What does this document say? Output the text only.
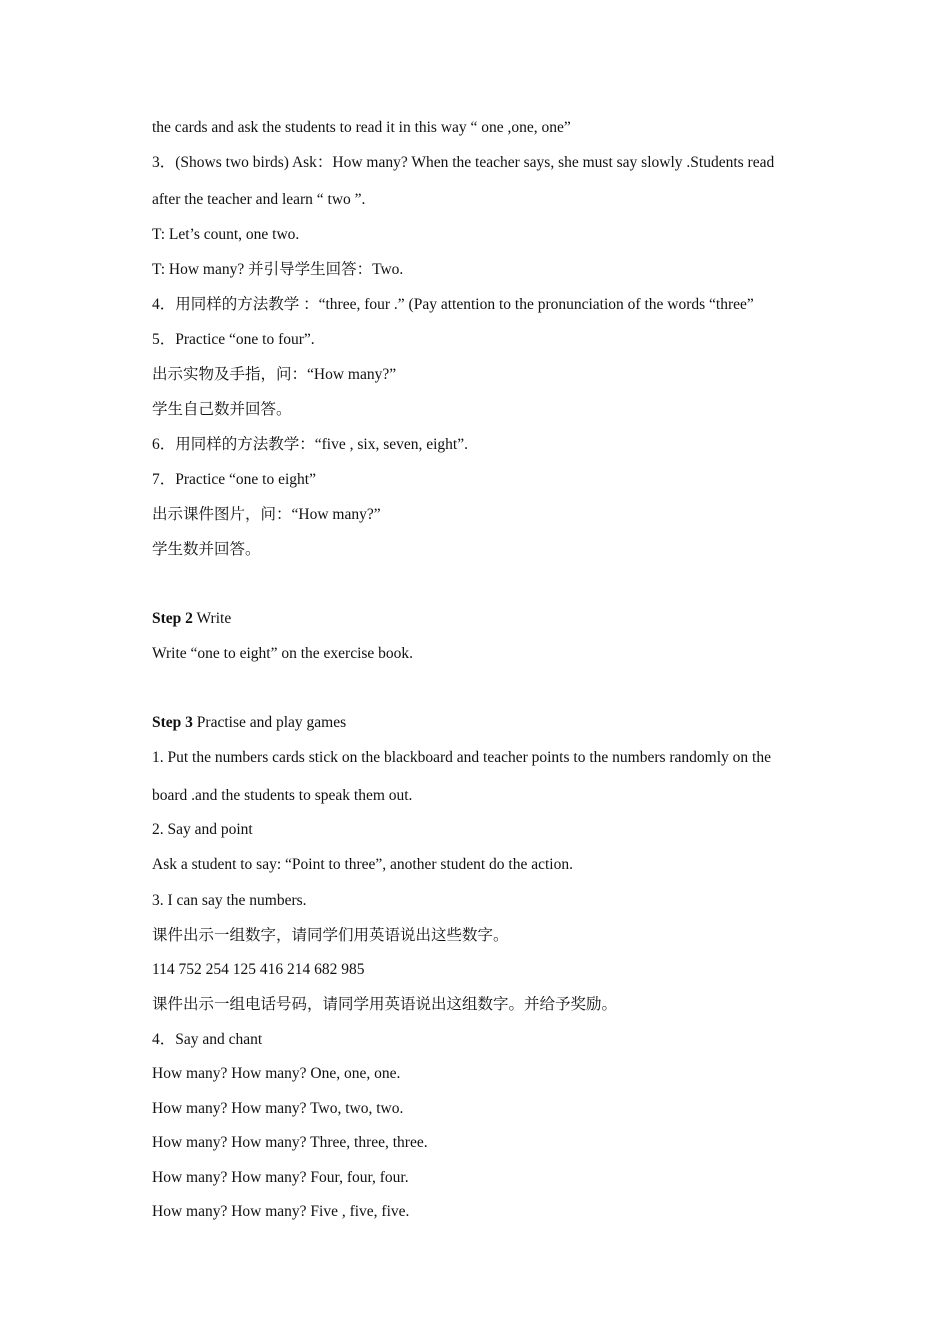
the cards and ask the students to read it in this way “ one ,one, one”
3．(Shows two birds) Ask：How many? When the teacher says, she must say slowly .Students read
after the teacher and learn “ two ”.
T: Let’s count, one two.
T: How many? 并引导学生回答：Two.
4．用同样的方法教学 ：“three, four .” (Pay attention to the pronunciation of the words “three”
5．Practice “one to four”.
出示实物及手指，问：“How many?”
学生自己数并回答。
6．用同样的方法教学：“five , six, seven, eight”.
7．Practice “one to eight”
出示课件图片，问：“How many?”
学生数并回答。
Step 2 Write
Write “one to eight” on the exercise book.
Step 3 Practise and play games
1. Put the numbers cards stick on the blackboard and teacher points to the numbers randomly on the
board .and the students to speak them out.
2. Say and point
Ask a student to say: “Point to three”, another student do the action.
3. I can say the numbers.
课件出示一组数字，请同学们用英语说出这些数字。
114 752 254 125 416 214 682 985
课件出示一组电话号码，请同学用英语说出这组数字。并给予奖励。
4．Say and chant
How many? How many? One, one, one.
How many? How many? Two, two, two.
How many? How many? Three, three, three.
How many? How many? Four, four, four.
How many? How many? Five , five, five.
